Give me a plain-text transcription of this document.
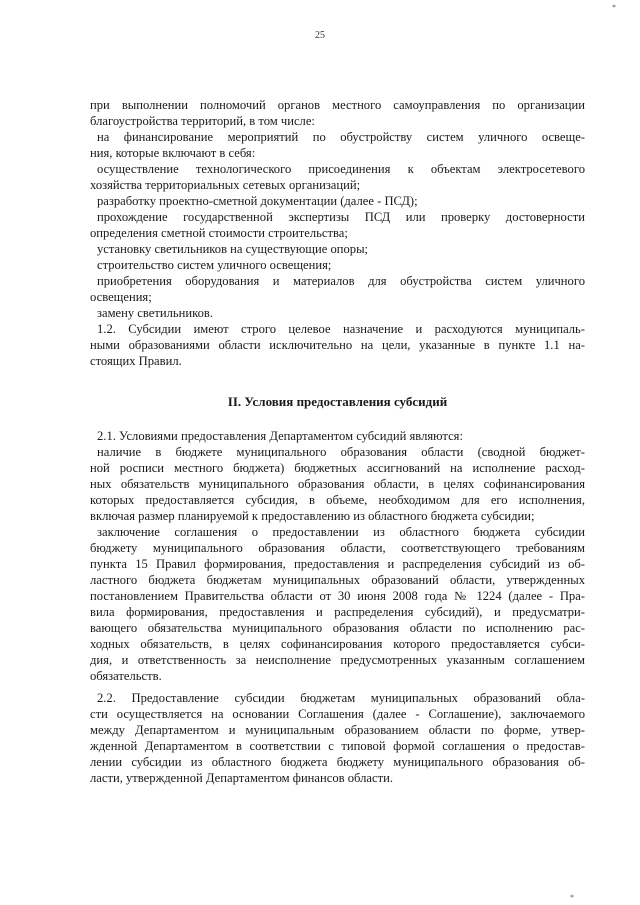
*
25
при выполнении полномочий органов местного самоуправления по организации
благоустройства территорий, в том числе:
на финансирование мероприятий по обустройству систем уличного освеще-
ния, которые включают в себя:
осуществление технологического присоединения к объектам электросетевого
хозяйства территориальных сетевых организаций;
разработку проектно-сметной документации (далее - ПСД);
прохождение государственной экспертизы ПСД или проверку достоверности
определения сметной стоимости строительства;
установку светильников на существующие опоры;
строительство систем уличного освещения;
приобретения оборудования и материалов для обустройства систем уличного
освещения;
замену светильников.
1.2. Субсидии имеют строго целевое назначение и расходуются муниципаль-
ными образованиями области исключительно на цели, указанные в пункте 1.1 на-
стоящих Правил.
II. Условия предоставления субсидий
2.1. Условиями предоставления Департаментом субсидий являются:
наличие в бюджете муниципального образования области (сводной бюджет-
ной росписи местного бюджета) бюджетных ассигнований на исполнение расход-
ных обязательств муниципального образования области, в целях софинансирования
которых предоставляется субсидия, в объеме, необходимом для его исполнения,
включая размер планируемой к предоставлению из областного бюджета субсидии;
заключение соглашения о предоставлении из областного бюджета субсидии
бюджету муниципального образования области, соответствующего требованиям
пункта 15 Правил формирования, предоставления и распределения субсидий из об-
ластного бюджета бюджетам муниципальных образований области, утвержденных
постановлением Правительства области от 30 июня 2008 года № 1224 (далее - Пра-
вила формирования, предоставления и распределения субсидий), и предусматри-
вающего обязательства муниципального образования области по исполнению рас-
ходных обязательств, в целях софинансирования которого предоставляется субси-
дия, и ответственность за неисполнение предусмотренных указанным соглашением
обязательств.
2.2. Предоставление субсидии бюджетам муниципальных образований обла-
сти осуществляется на основании Соглашения (далее - Соглашение), заключаемого
между Департаментом и муниципальным образованием области по форме, утвер-
жденной Департаментом в соответствии с типовой формой соглашения о предостав-
лении субсидии из областного бюджета бюджету муниципального образования об-
ласти, утвержденной Департаментом финансов области.
*
